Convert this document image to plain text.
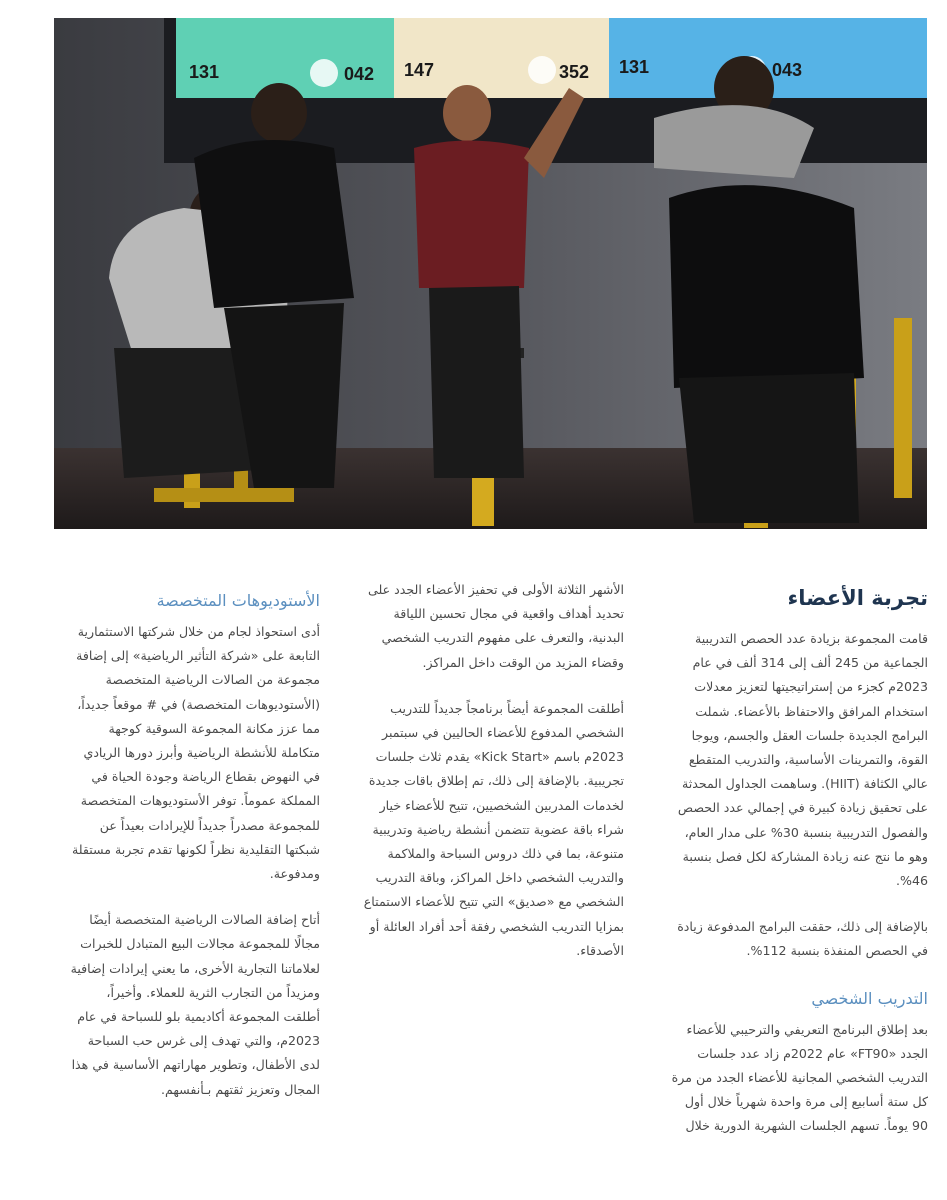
131	042 147	352 131	043
تجربة الأعضاء

قامت المجموعة بزيادة عدد الحصص التدريبية الجماعية من 245 ألف إلى 314 ألف في عام 2023م كجزء من إستراتيجيتها لتعزيز معدلات استخدام المرافق والاحتفاظ بالأعضاء. شملت البرامج الجديدة جلسات العقل والجسم، ويوجا القوة، والتمرينات الأساسية، والتدريب المتقطع عالي الكثافة (HIIT). وساهمت الجداول المحدثة على تحقيق زيادة كبيرة في إجمالي عدد الحصص والفصول التدريبية بنسبة 30% على مدار العام، وهو ما نتج عنه زيادة المشاركة لكل فصل بنسبة 46%.

بالإضافة إلى ذلك، حققت البرامج المدفوعة زيادة في الحصص المنفذة بنسبة 112%.

التدريب الشخصي

بعد إطلاق البرنامج التعريفي والترحيبي للأعضاء الجدد «FT90» عام 2022م زاد عدد جلسات التدريب الشخصي المجانية للأعضاء الجدد من مرة كل ستة أسابيع إلى مرة واحدة شهرياً خلال أول 90 يوماً. تسهم الجلسات الشهرية الدورية خلال

الأشهر الثلاثة الأولى في تحفيز الأعضاء الجدد على تحديد أهداف واقعية في مجال تحسين اللياقة البدنية، والتعرف على مفهوم التدريب الشخصي وقضاء المزيد من الوقت داخل المراكز.

أطلقت المجموعة أيضاً برنامجاً جديداً للتدريب الشخصي المدفوع للأعضاء الحاليين في سبتمبر 2023م باسم «Kick Start» يقدم ثلاث جلسات تجريبية. بالإضافة إلى ذلك، تم إطلاق باقات جديدة لخدمات المدربين الشخصيين، تتيح للأعضاء خيار شراء باقة عضوية تتضمن أنشطة رياضية وتدريبية متنوعة، بما في ذلك دروس السباحة والملاكمة والتدريب الشخصي داخل المراكز، وباقة التدريب الشخصي مع «صديق» التي تتيح للأعضاء الاستمتاع بمزايا التدريب الشخصي رفقة أحد أفراد العائلة أو الأصدقاء.

الأستوديوهات المتخصصة

أدى استحواذ لجام من خلال شركتها الاستثمارية التابعة على «شركة التأثير الرياضية» إلى إضافة مجموعة من الصالات الرياضية المتخصصة (الأستوديوهات المتخصصة) في # موقعاً جديداً، مما عزز مكانة المجموعة السوقية كوجهة متكاملة للأنشطة الرياضية وأبرز دورها الريادي في النهوض بقطاع الرياضة وجودة الحياة في المملكة عموماً. توفر الأستوديوهات المتخصصة للمجموعة مصدراً جديداً للإيرادات بعيداً عن شبكتها التقليدية نظراً لكونها تقدم تجربة مستقلة ومدفوعة.

أتاح إضافة الصالات الرياضية المتخصصة أيضًا مجالًا للمجموعة مجالات البيع المتبادل للخبرات لعلاماتنا التجارية الأخرى، ما يعني إيرادات إضافية ومزيداً من التجارب الثرية للعملاء. وأخيراً، أطلقت المجموعة أكاديمية بلو للسباحة في عام 2023م، والتي تهدف إلى غرس حب السباحة لدى الأطفال، وتطوير مهاراتهم الأساسية في هذا المجال وتعزيز ثقتهم بـأنفسهم.
